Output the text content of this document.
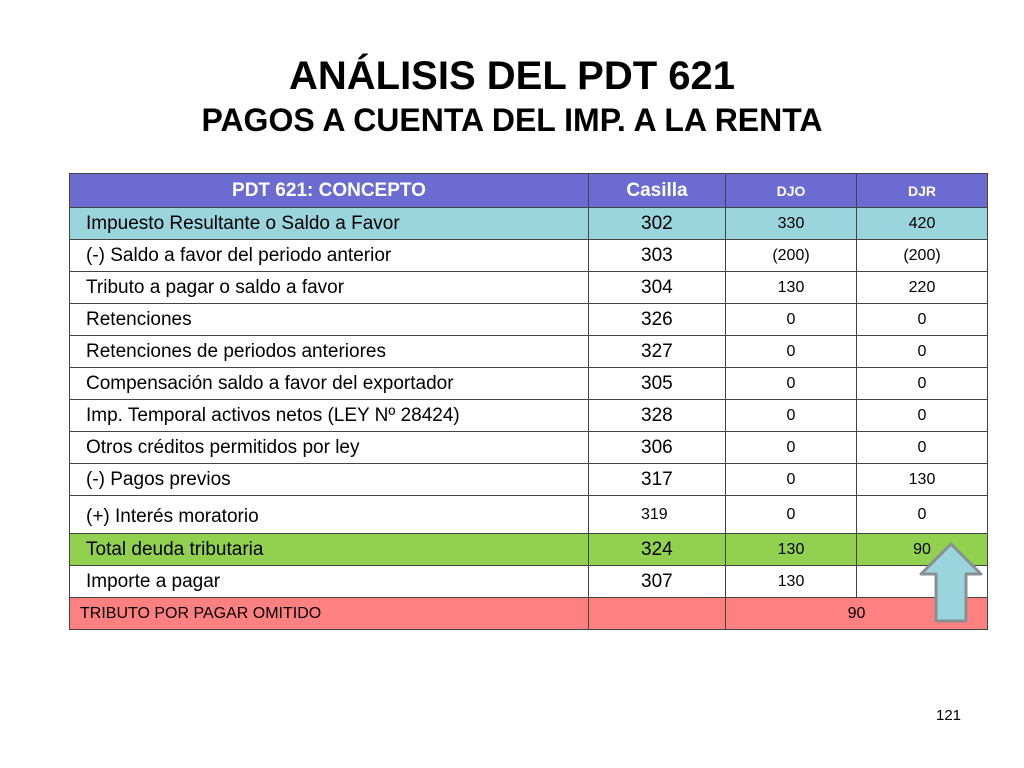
ANÁLISIS DEL PDT 621
PAGOS A CUENTA DEL IMP. A LA RENTA
PDT 621: CONCEPTO	Casilla	DJO	DJR
Impuesto Resultante o Saldo a Favor	302	330	420
(-) Saldo a favor del periodo anterior	303	(200)	(200)
Tributo a pagar o saldo a favor	304	130	220
Retenciones	326	0	0
Retenciones de periodos anteriores	327	0	0
Compensación saldo a favor del exportador	305	0	0
Imp. Temporal activos netos (LEY Nº 28424)	328	0	0
Otros créditos permitidos por ley	306	0	0
(-) Pagos previos	317	0	130
(+) Interés moratorio	319	0	0
Total deuda tributaria	324	130	90
Importe a pagar	307	130	
TRIBUTO POR PAGAR OMITIDO		90	
121
